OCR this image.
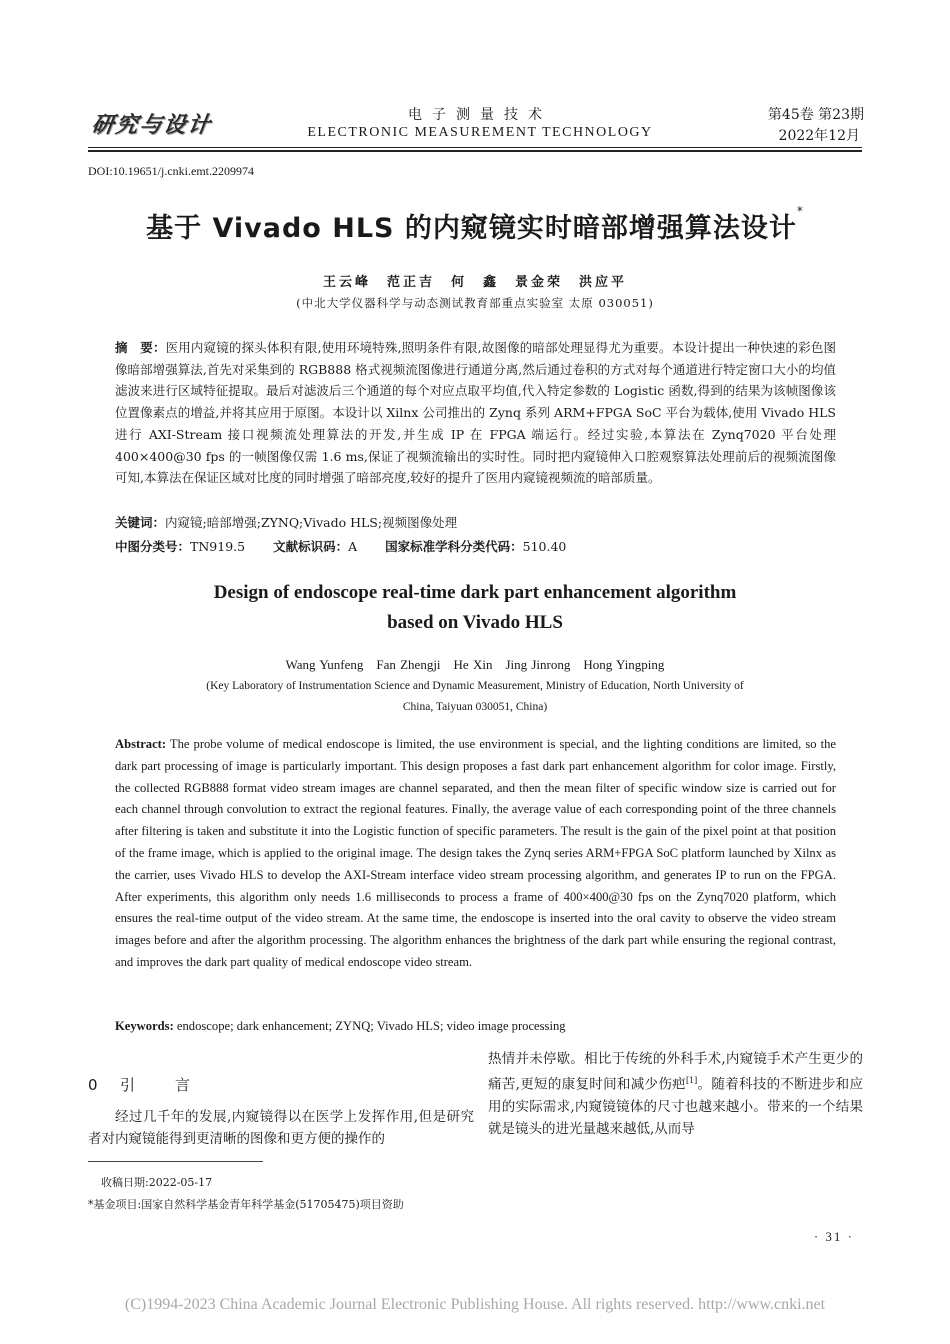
研究与设计	电子测量技术
ELECTRONIC MEASUREMENT TECHNOLOGY
第45卷 第23期
2022年12月
DOI:10.19651/j.cnki.emt.2209974
基于 Vivado HLS 的内窥镜实时暗部增强算法设计*
王云峰　范正吉　何　鑫　景金荣　洪应平
(中北大学仪器科学与动态测试教育部重点实验室 太原 030051)
摘　要：医用内窥镜的探头体积有限,使用环境特殊,照明条件有限,故图像的暗部处理显得尤为重要。本设计提出一种快速的彩色图像暗部增强算法,首先对采集到的 RGB888 格式视频流图像进行通道分离,然后通过卷积的方式对每个通道进行特定窗口大小的均值滤波来进行区域特征提取。最后对滤波后三个通道的每个对应点取平均值,代入特定参数的 Logistic 函数,得到的结果为该帧图像该位置像素点的增益,并将其应用于原图。本设计以 Xilnx 公司推出的 Zynq 系列 ARM+FPGA SoC 平台为载体,使用 Vivado HLS 进行 AXI-Stream 接口视频流处理算法的开发,并生成 IP 在 FPGA 端运行。经过实验,本算法在 Zynq7020 平台处理 400×400@30 fps 的一帧图像仅需 1.6 ms,保证了视频流输出的实时性。同时把内窥镜伸入口腔观察算法处理前后的视频流图像可知,本算法在保证区域对比度的同时增强了暗部亮度,较好的提升了医用内窥镜视频流的暗部质量。
关键词：内窥镜;暗部增强;ZYNQ;Vivado HLS;视频图像处理
中图分类号：TN919.5 文献标识码：A 国家标准学科分类代码：510.40
Design of endoscope real-time dark part enhancement algorithm
based on Vivado HLS
Wang Yunfeng　Fan Zhengji　He Xin　Jing Jinrong　Hong Yingping
(Key Laboratory of Instrumentation Science and Dynamic Measurement, Ministry of Education, North University of China, Taiyuan 030051, China)
Abstract: The probe volume of medical endoscope is limited, the use environment is special, and the lighting conditions are limited, so the dark part processing of image is particularly important. This design proposes a fast dark part enhancement algorithm for color image. Firstly, the collected RGB888 format video stream images are channel separated, and then the mean filter of specific window size is carried out for each channel through convolution to extract the regional features. Finally, the average value of each corresponding point of the three channels after filtering is taken and substitute it into the Logistic function of specific parameters. The result is the gain of the pixel point at that position of the frame image, which is applied to the original image. The design takes the Zynq series ARM+FPGA SoC platform launched by Xilnx as the carrier, uses Vivado HLS to develop the AXI-Stream interface video stream processing algorithm, and generates IP to run on the FPGA. After experiments, this algorithm only needs 1.6 milliseconds to process a frame of 400×400@30 fps on the Zynq7020 platform, which ensures the real-time output of the video stream. At the same time, the endoscope is inserted into the oral cavity to observe the video stream images before and after the algorithm processing. The algorithm enhances the brightness of the dark part while ensuring the regional contrast, and improves the dark part quality of medical endoscope video stream.
Keywords: endoscope; dark enhancement; ZYNQ; Vivado HLS; video image processing
0 引	言
经过几千年的发展,内窥镜得以在医学上发挥作用,但是研究者对内窥镜能得到更清晰的图像和更方便的操作的
热情并未停歇。相比于传统的外科手术,内窥镜手术产生更少的痛苦,更短的康复时间和减少伤疤[1]。随着科技的不断进步和应用的实际需求,内窥镜镜体的尺寸也越来越小。带来的一个结果就是镜头的进光量越来越低,从而导
收稿日期:2022-05-17
*基金项目:国家自然科学基金青年科学基金(51705475)项目资助
· 31 ·
(C)1994-2023 China Academic Journal Electronic Publishing House. All rights reserved. http://www.cnki.net
